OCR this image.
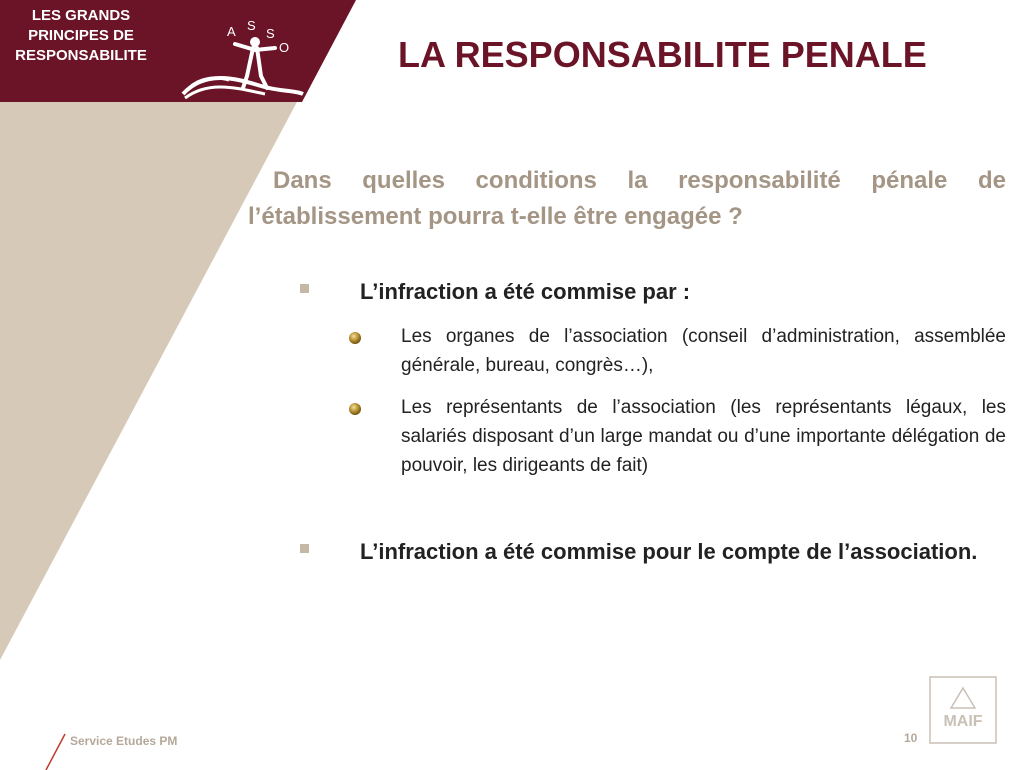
LES GRANDS
PRINCIPES DE
RESPONSABILITE
A S
S
O	LA RESPONSABILITE PENALE
Dans quelles conditions la responsabilité pénale de l’établissement pourra t-elle être engagée ?
L’infraction a été commise par :
Les organes de l’association (conseil d’administration, assemblée générale, bureau, congrès…),
Les représentants de l’association (les représentants légaux, les salariés disposant d’un large mandat ou d’une importante délégation de pouvoir, les dirigeants de fait)
L’infraction a été commise pour le compte de l’association.
Service Etudes PM	10
MAIF
